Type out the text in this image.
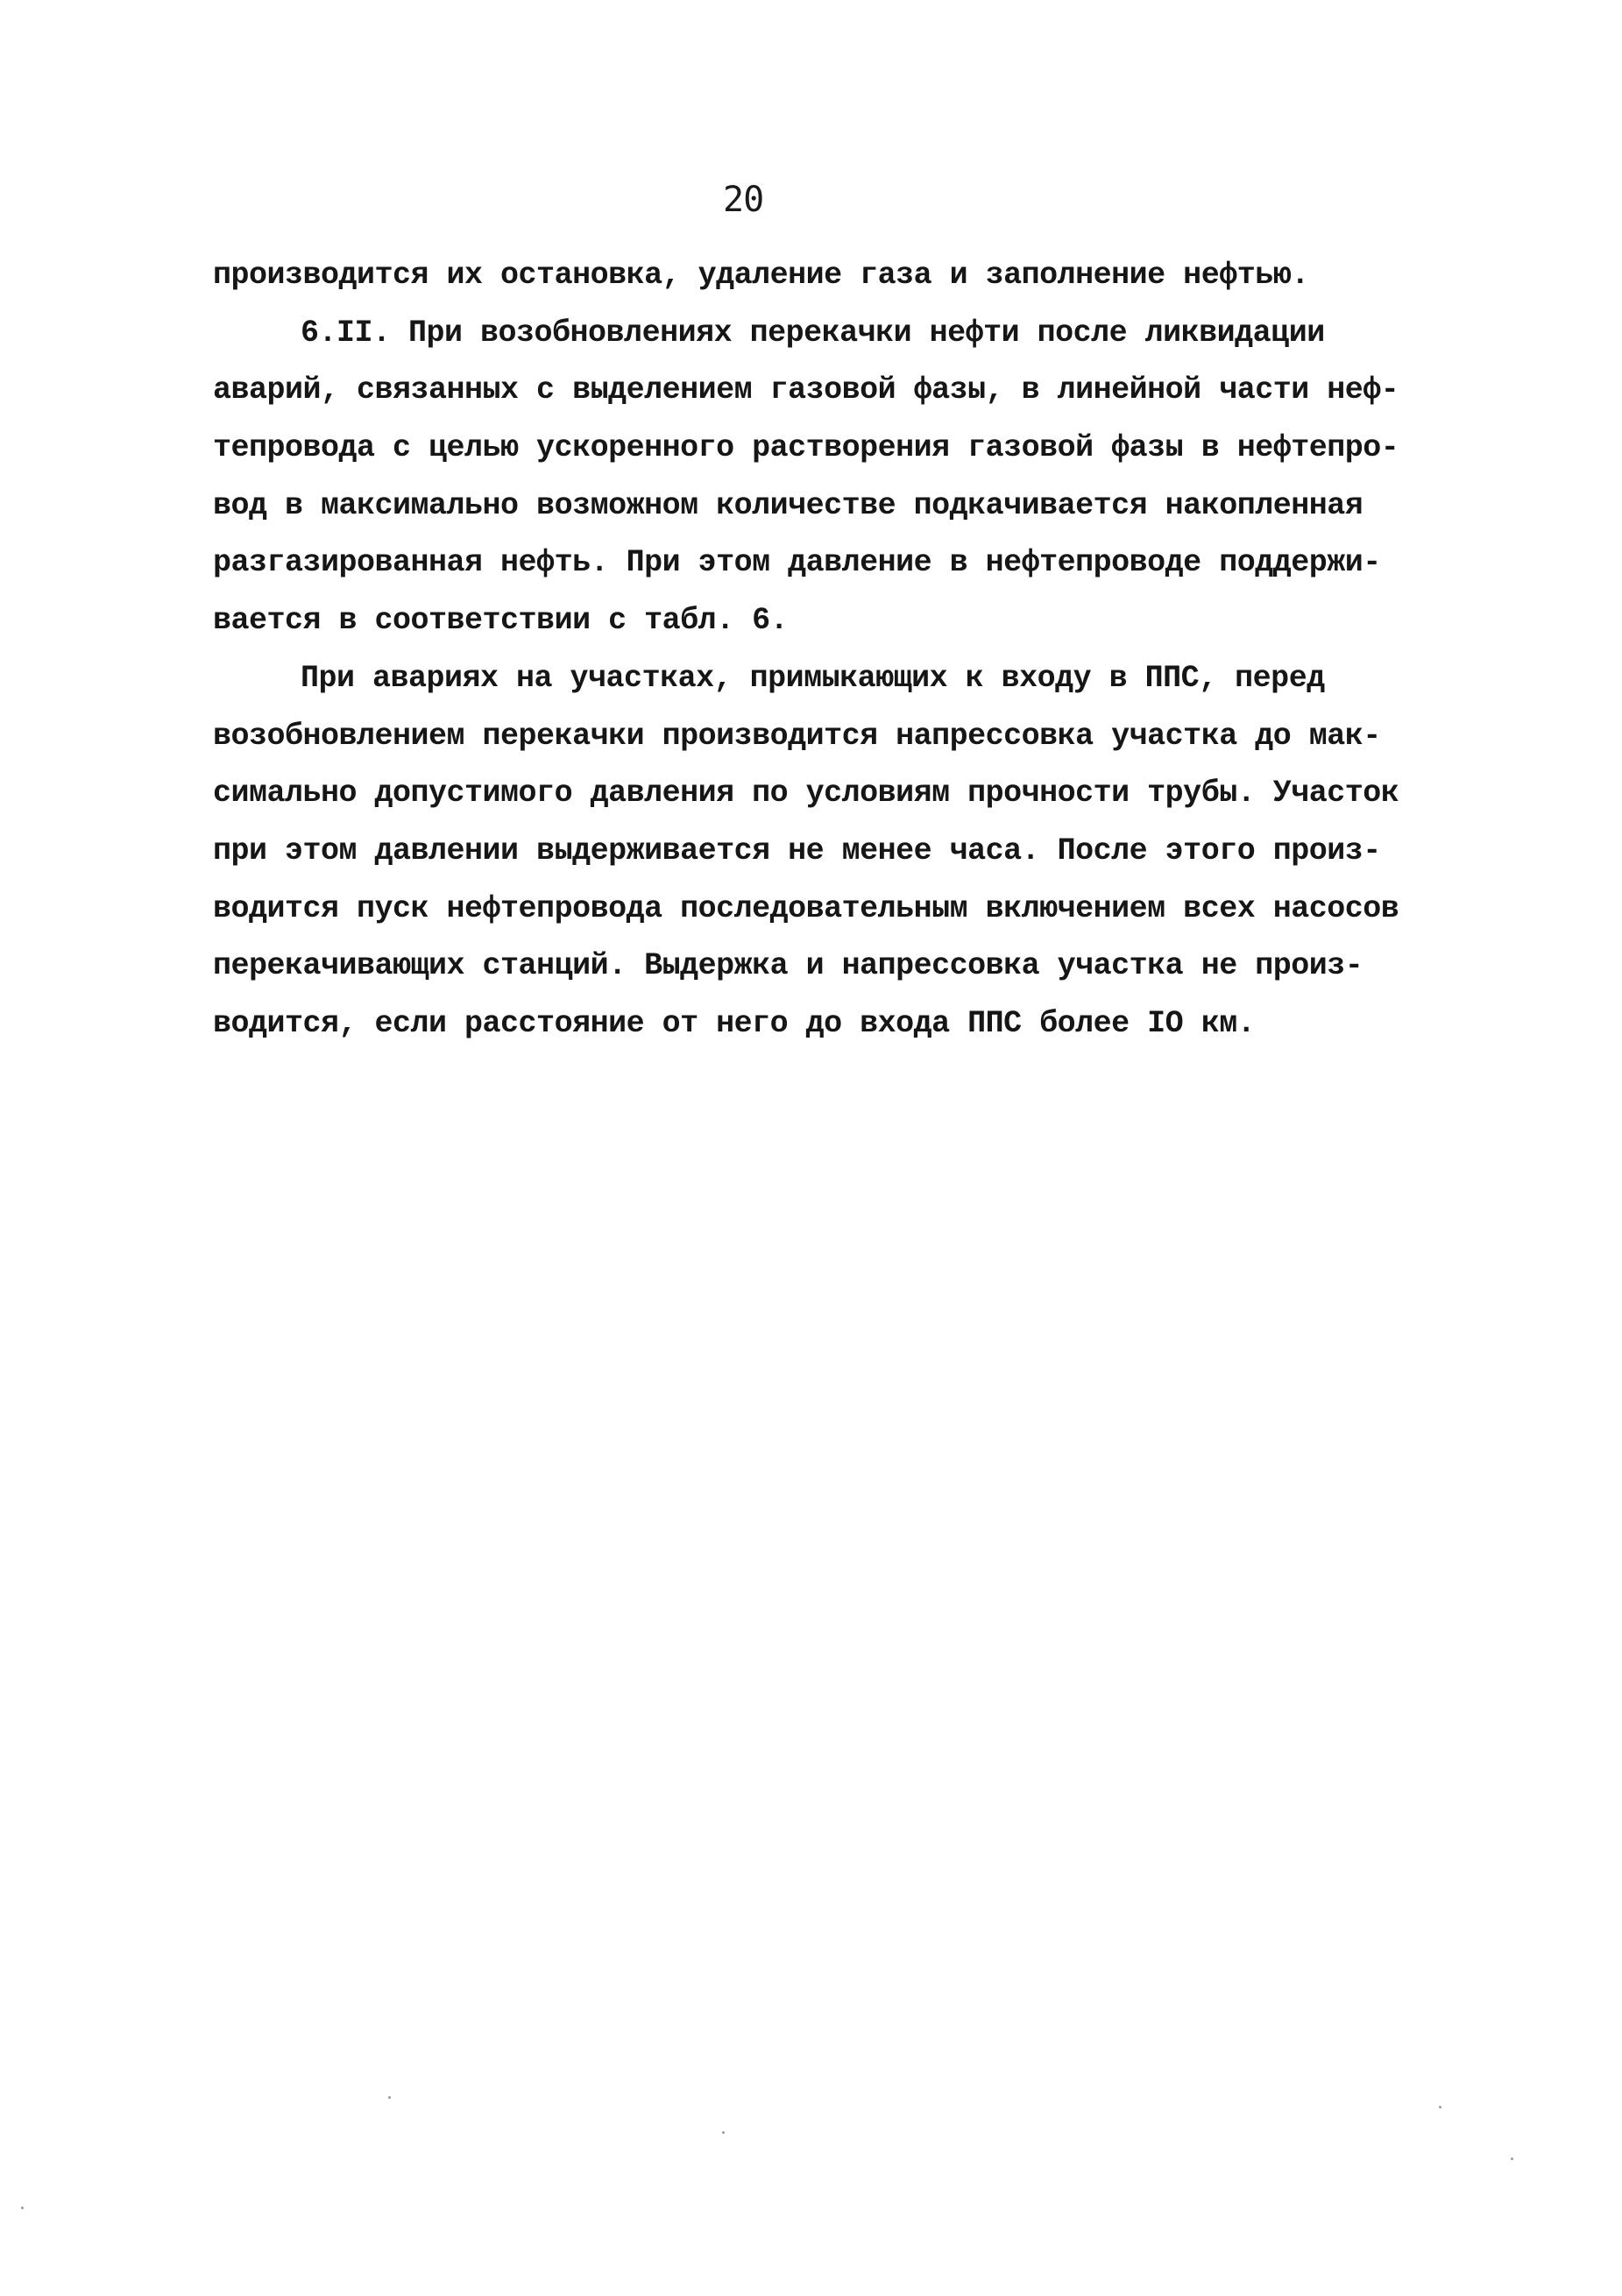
20
производится их остановка, удаление газа и заполнение нефтью.
6.II. При возобновлениях перекачки нефти после ликвидации
аварий, связанных с выделением газовой фазы, в линейной части неф-
тепровода с целью ускоренного растворения газовой фазы в нефтепро-
вод в максимально возможном количестве подкачивается накопленная
разгазированная нефть. При этом давление в нефтепроводе поддержи-
вается в соответствии с табл. 6.
При авариях на участках, примыкающих к входу в ППС, перед
возобновлением перекачки производится напрессовка участка до мак-
симально допустимого давления по условиям прочности трубы. Участок
при этом давлении выдерживается не менее часа. После этого произ-
водится пуск нефтепровода последовательным включением всех насосов
перекачивающих станций. Выдержка и напрессовка участка не произ-
водится, если расстояние от него до входа ППС более IO км.
